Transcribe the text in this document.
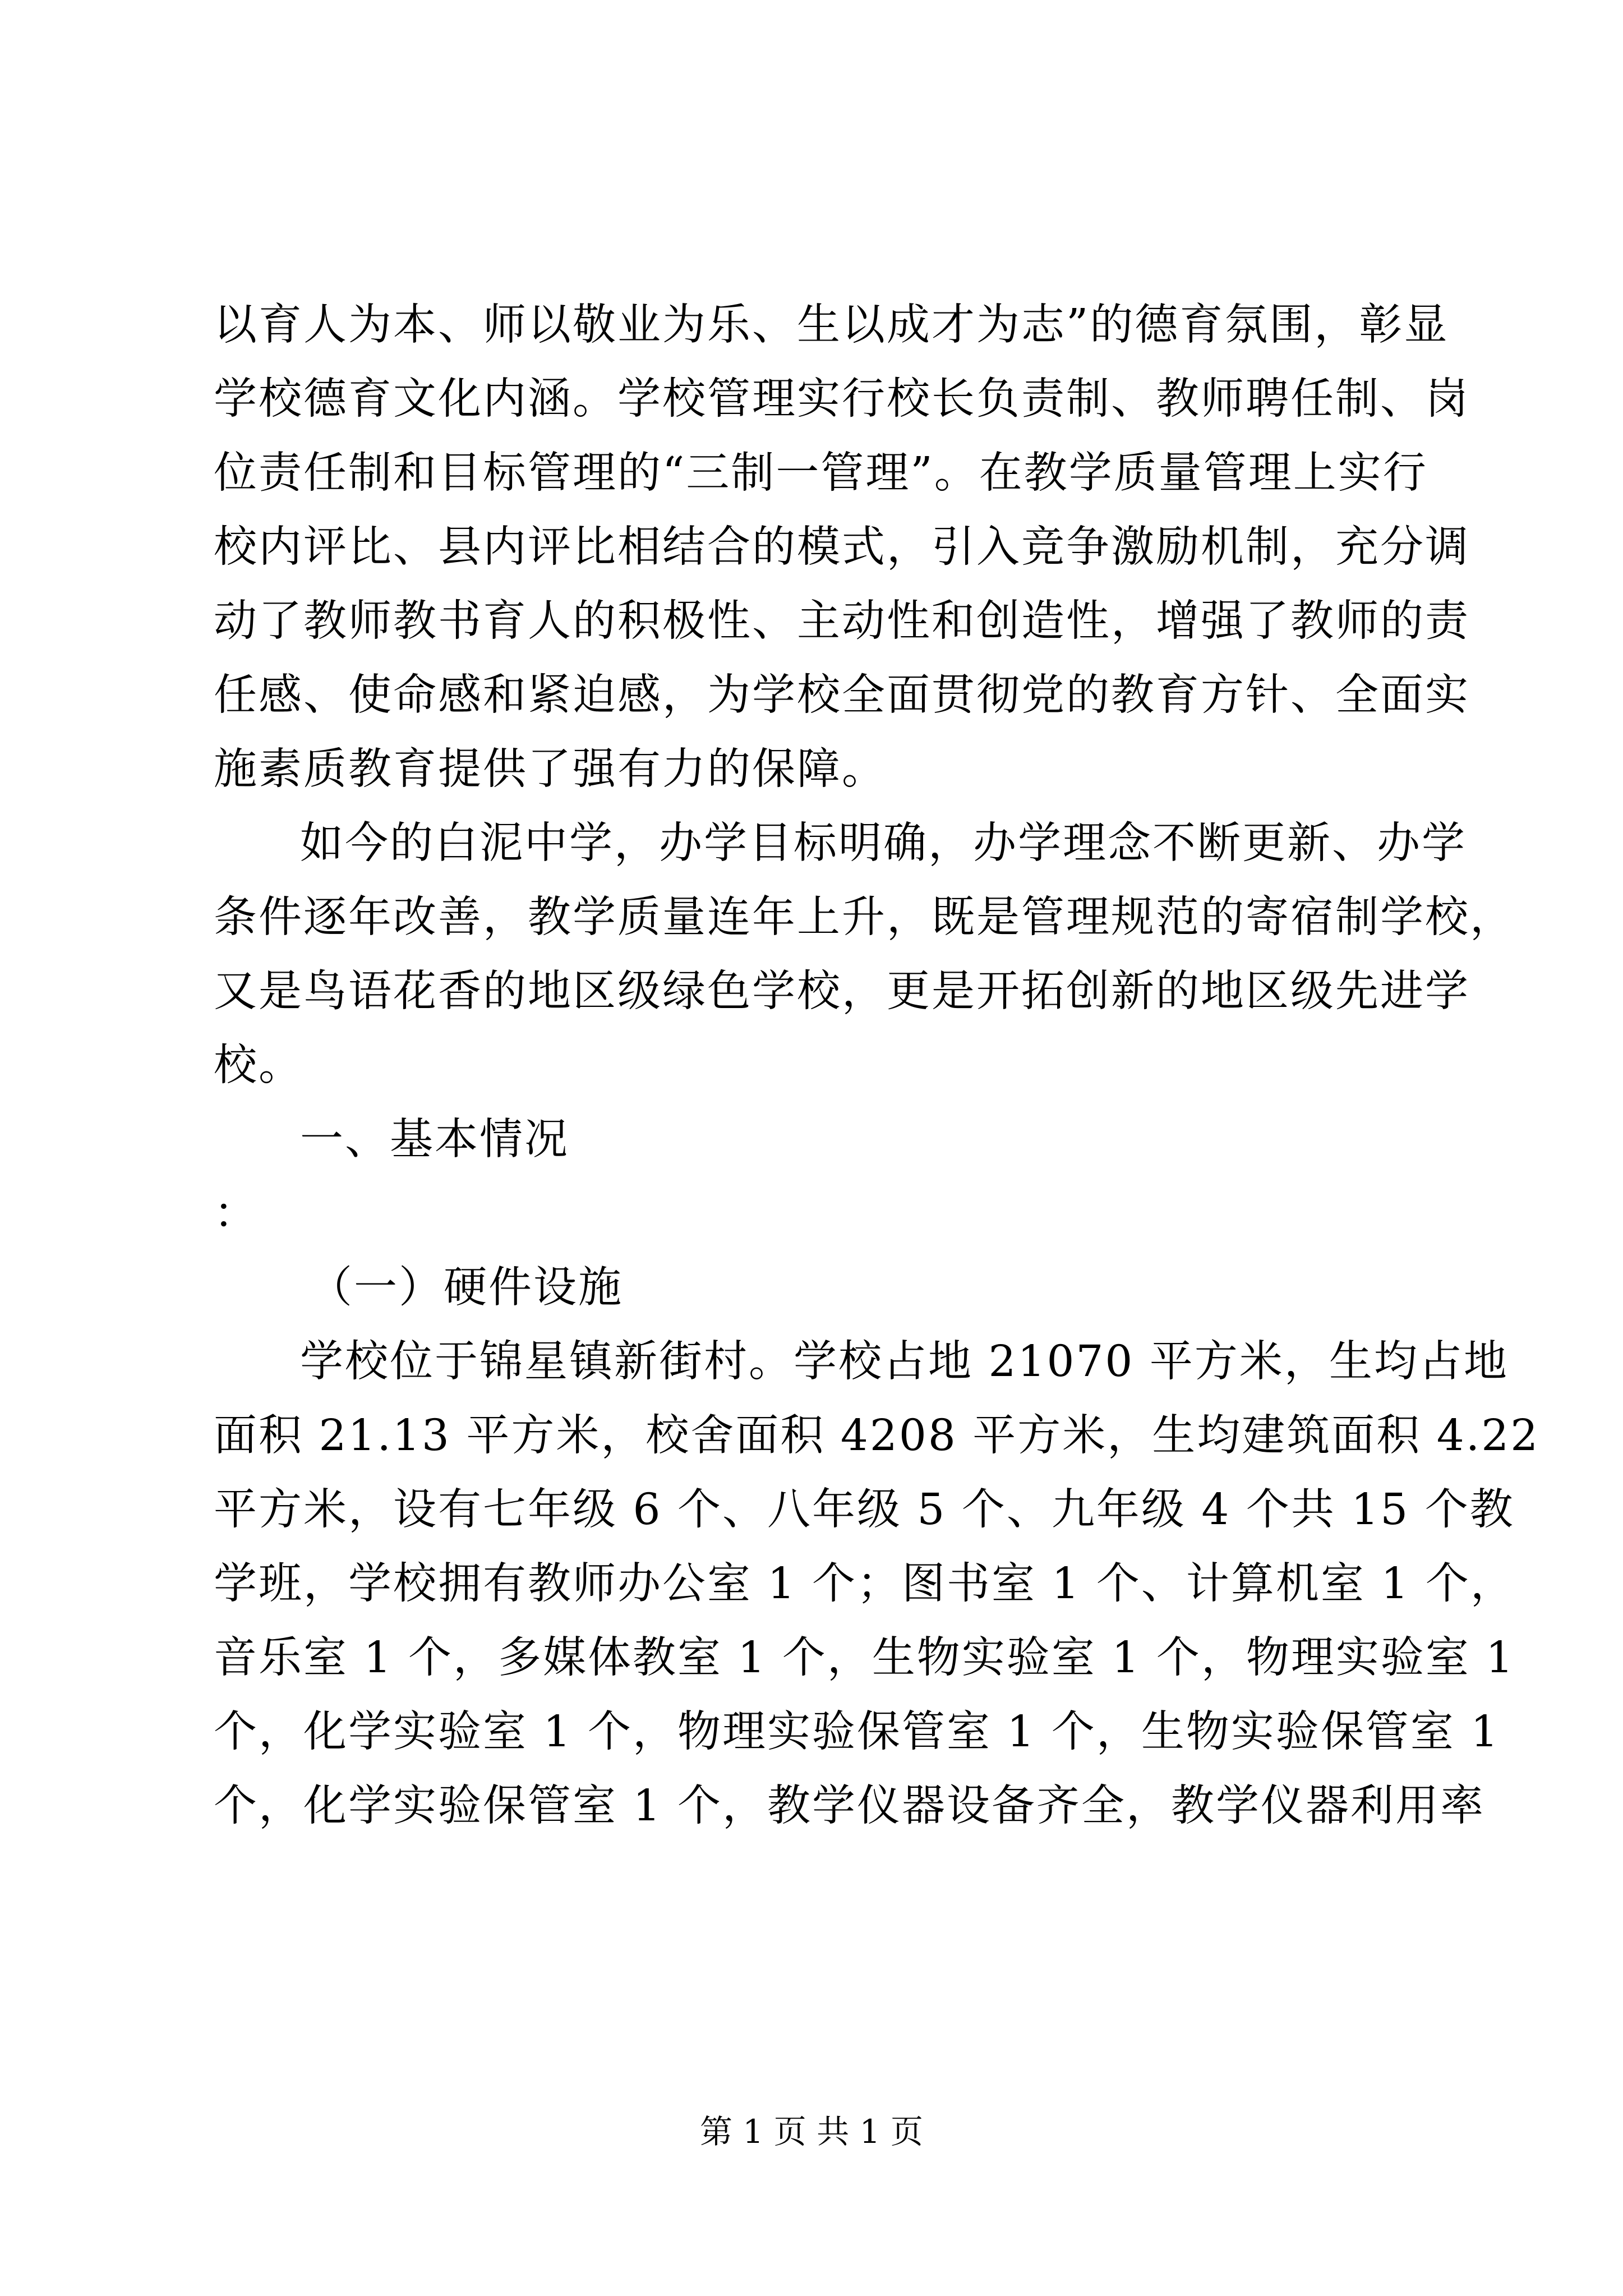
以育人为本、师以敬业为乐、生以成才为志”的德育氛围，彰显
学校德育文化内涵。学校管理实行校长负责制、教师聘任制、岗
位责任制和目标管理的“三制一管理”。在教学质量管理上实行
校内评比、县内评比相结合的模式，引入竞争激励机制，充分调
动了教师教书育人的积极性、主动性和创造性，增强了教师的责
任感、使命感和紧迫感，为学校全面贯彻党的教育方针、全面实
施素质教育提供了强有力的保障。
如今的白泥中学，办学目标明确，办学理念不断更新、办学
条件逐年改善，教学质量连年上升，既是管理规范的寄宿制学校，
又是鸟语花香的地区级绿色学校，更是开拓创新的地区级先进学
校。
一、基本情况
：
（一）硬件设施
学校位于锦星镇新街村。学校占地 21070 平方米，生均占地
面积 21.13 平方米，校舍面积 4208 平方米，生均建筑面积 4.22
平方米，设有七年级 6 个、八年级 5 个、九年级 4 个共 15 个教
学班，学校拥有教师办公室 1 个；图书室 1 个、计算机室 1 个，
音乐室 1 个，多媒体教室 1 个，生物实验室 1 个，物理实验室 1
个，化学实验室 1 个，物理实验保管室 1 个，生物实验保管室 1
个，化学实验保管室 1 个，教学仪器设备齐全，教学仪器利用率
第 1 页 共 1 页
